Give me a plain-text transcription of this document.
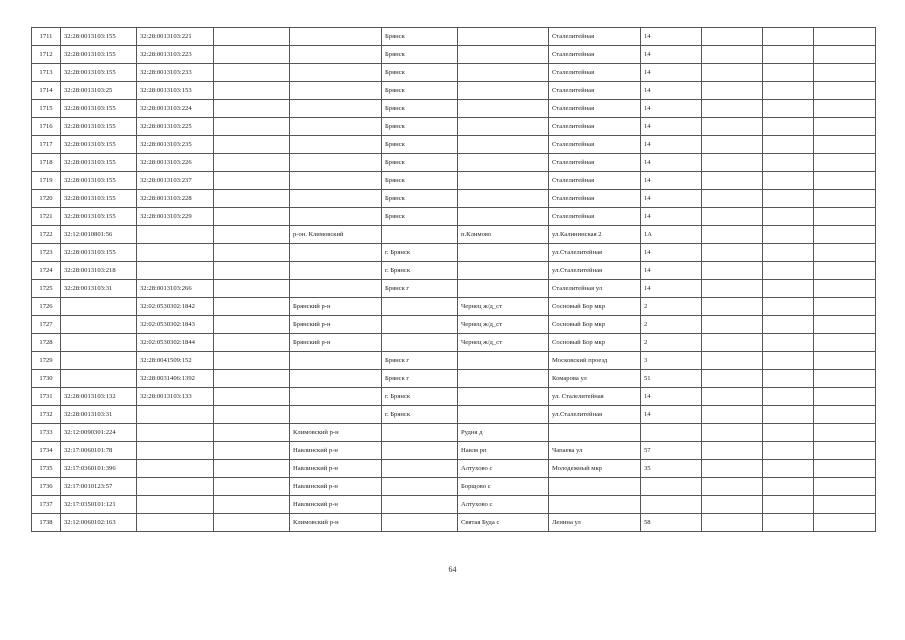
1711	32:28:0013103:155	32:28:0013103:221			Брянск		Сталелитейная	14			
1712	32:28:0013103:155	32:28:0013103:223			Брянск		Сталелитейная	14			
1713	32:28:0013103:155	32:28:0013103:233			Брянск		Сталелитейная	14			
1714	32:28:0013103:25	32:28:0013103:153			Брянск		Сталелитейная	14			
1715	32:28:0013103:155	32:28:0013103:224			Брянск		Сталелитейная	14			
1716	32:28:0013103:155	32:28:0013103:225			Брянск		Сталелитейная	14			
1717	32:28:0013103:155	32:28:0013103:235			Брянск		Сталелитейная	14			
1718	32:28:0013103:155	32:28:0013103:226			Брянск		Сталелитейная	14			
1719	32:28:0013103:155	32:28:0013103:237			Брянск		Сталелитейная	14			
1720	32:28:0013103:155	32:28:0013103:228			Брянск		Сталелитейная	14			
1721	32:28:0013103:155	32:28:0013103:229			Брянск		Сталелитейная	14			
1722	32:12:0010801:56			р-он. Климовский		п.Климово	ул.Калининская 2	1А			
1723	32:28:0013103:155				г. Брянск		ул.Сталелитейная	14			
1724	32:28:0013103:218				г. Брянск		ул.Сталелитейная	14			
1725	32:28:0013103:31	32:28:0013103:266			Брянск г		Сталелитейная ул	14			
1726		32:02:0530302:1842		Брянский р-н		Чернец ж/д_ст	Сосновый Бор мкр	2			
1727		32:02:0530302:1843		Брянский р-н		Чернец ж/д_ст	Сосновый Бор мкр	2			
1728		32:02:0530302:1844		Брянский р-н		Чернец ж/д_ст	Сосновый Бор мкр	2			
1729		32:28:0041509:152			Брянск г		Московский проезд	3			
1730		32:28:0031406:1392			Брянск г		Комарова ул	51			
1731	32:28:0013103:132	32:28:0013103:133			г. Брянск		ул. Сталелитейная	14			
1732	32:28:0013103:31				г. Брянск		ул.Сталелитейная	14			
1733	32:12:0090301:224			Климовский р-н		Рудня д					
1734	32:17:0060101:78			Навлинский р-н		Навля рп	Чапаева ул	57			
1735	32:17:0360101:396			Навлинский р-н		Алтухово с	Молодежный мкр	35			
1736	32:17:0010123:57			Навлинский р-н		Борщово с					
1737	32:17:0350101:121			Навлинский р-н		Алтухово с					
1738	32:12:0060102:163			Климовский р-н		Святая Буда с	Ленина ул	58			
64
